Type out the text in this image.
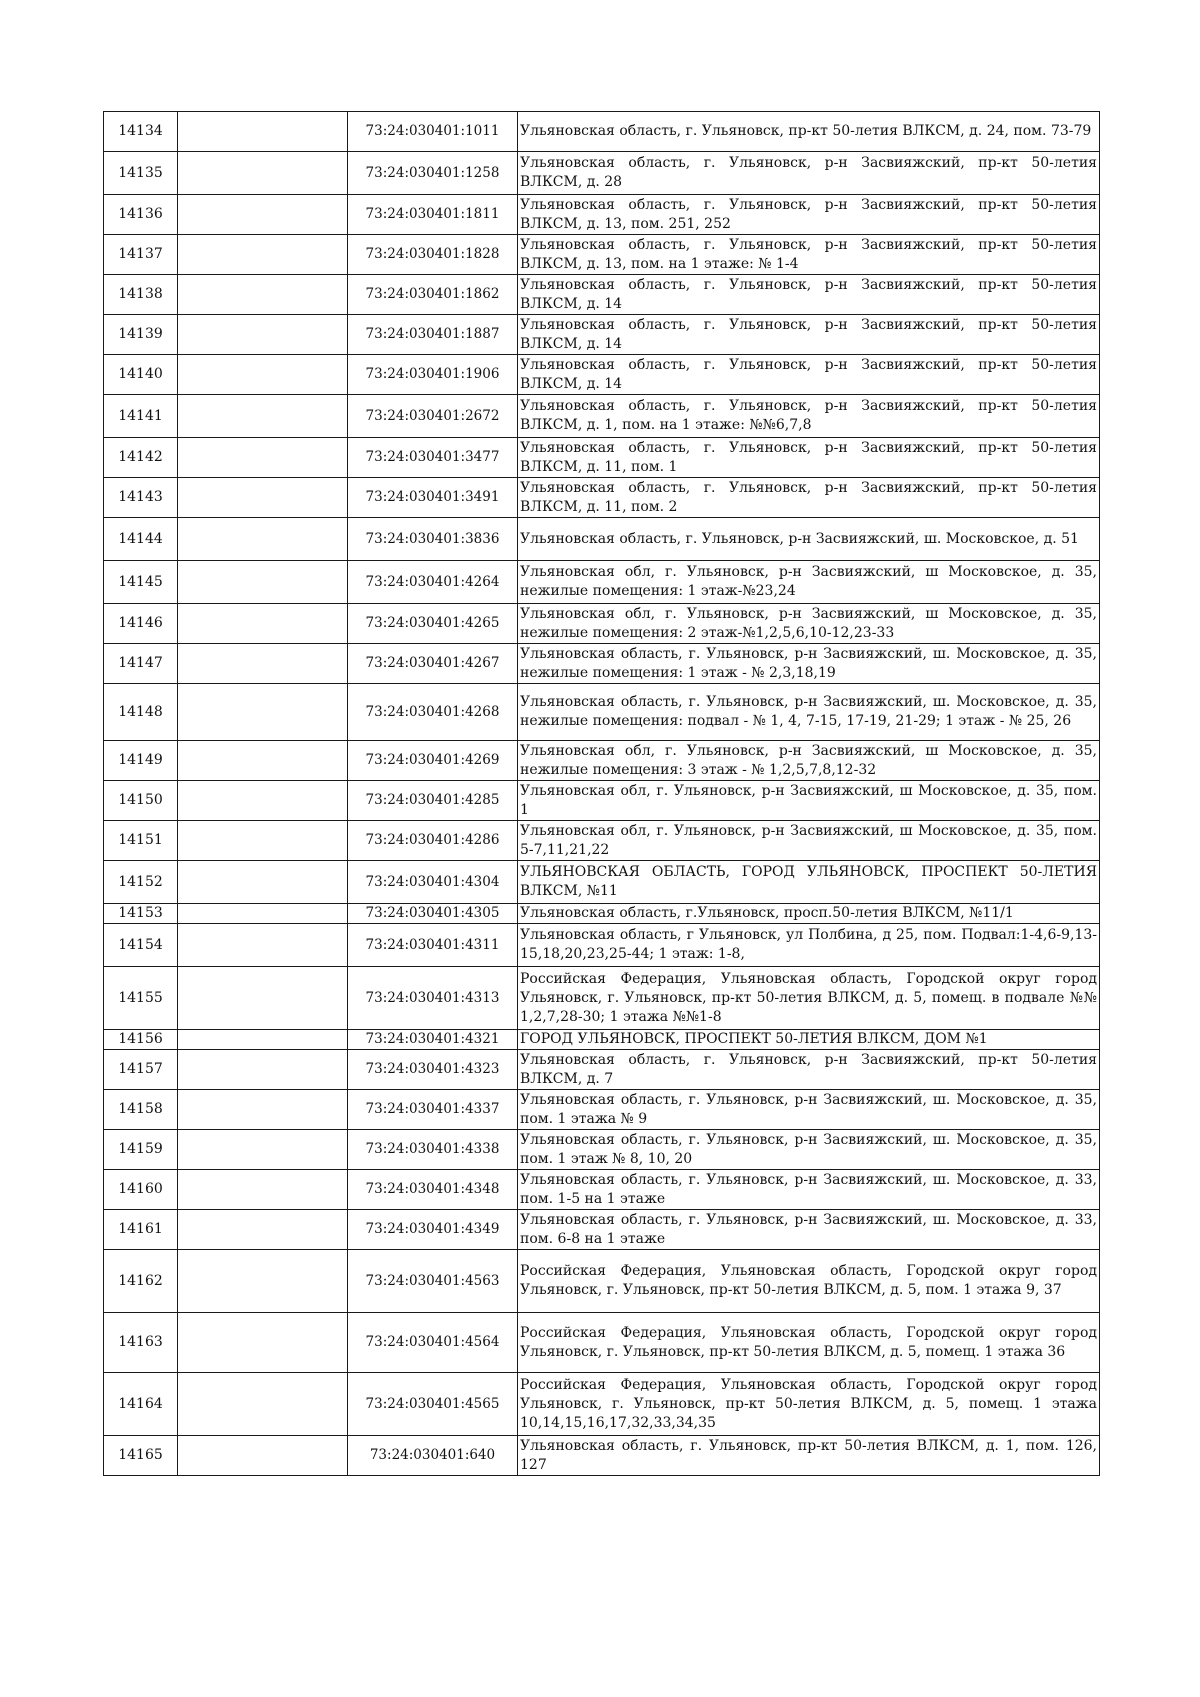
14134		73:24:030401:1011	Ульяновская область, г. Ульяновск, пр-кт 50-летия ВЛКСМ, д. 24, пом. 73-79
14135		73:24:030401:1258	Ульяновская область, г. Ульяновск, р-н Засвияжский, пр-кт 50-летия ВЛКСМ, д. 28
14136		73:24:030401:1811	Ульяновская область, г. Ульяновск, р-н Засвияжский, пр-кт 50-летия ВЛКСМ, д. 13, пом. 251, 252
14137		73:24:030401:1828	Ульяновская область, г. Ульяновск, р-н Засвияжский, пр-кт 50-летия ВЛКСМ, д. 13, пом. на 1 этаже: № 1-4
14138		73:24:030401:1862	Ульяновская область, г. Ульяновск, р-н Засвияжский, пр-кт 50-летия ВЛКСМ, д. 14
14139		73:24:030401:1887	Ульяновская область, г. Ульяновск, р-н Засвияжский, пр-кт 50-летия ВЛКСМ, д. 14
14140		73:24:030401:1906	Ульяновская область, г. Ульяновск, р-н Засвияжский, пр-кт 50-летия ВЛКСМ, д. 14
14141		73:24:030401:2672	Ульяновская область, г. Ульяновск, р-н Засвияжский, пр-кт 50-летия ВЛКСМ, д. 1, пом. на 1 этаже: №№6,7,8
14142		73:24:030401:3477	Ульяновская область, г. Ульяновск, р-н Засвияжский, пр-кт 50-летия ВЛКСМ, д. 11, пом. 1
14143		73:24:030401:3491	Ульяновская область, г. Ульяновск, р-н Засвияжский, пр-кт 50-летия ВЛКСМ, д. 11, пом. 2
14144		73:24:030401:3836	Ульяновская область, г. Ульяновск, р-н Засвияжский, ш. Московское, д. 51
14145		73:24:030401:4264	Ульяновская обл, г. Ульяновск, р-н Засвияжский, ш Московское, д. 35, нежилые помещения: 1 этаж-№23,24
14146		73:24:030401:4265	Ульяновская обл, г. Ульяновск, р-н Засвияжский, ш Московское, д. 35, нежилые помещения: 2 этаж-№1,2,5,6,10-12,23-33
14147		73:24:030401:4267	Ульяновская область, г. Ульяновск, р-н Засвияжский, ш. Московское, д. 35, нежилые помещения: 1 этаж - № 2,3,18,19
14148		73:24:030401:4268	Ульяновская область, г. Ульяновск, р-н Засвияжский, ш. Московское, д. 35, нежилые помещения: подвал - № 1, 4, 7-15, 17-19, 21-29; 1 этаж - № 25, 26
14149		73:24:030401:4269	Ульяновская обл, г. Ульяновск, р-н Засвияжский, ш Московское, д. 35, нежилые помещения: 3 этаж - № 1,2,5,7,8,12-32
14150		73:24:030401:4285	Ульяновская обл, г. Ульяновск, р-н Засвияжский, ш Московское, д. 35, пом. 1
14151		73:24:030401:4286	Ульяновская обл, г. Ульяновск, р-н Засвияжский, ш Московское, д. 35, пом. 5-7,11,21,22
14152		73:24:030401:4304	УЛЬЯНОВСКАЯ ОБЛАСТЬ, ГОРОД УЛЬЯНОВСК, ПРОСПЕКТ 50-ЛЕТИЯ ВЛКСМ, №11
14153		73:24:030401:4305	Ульяновская область, г.Ульяновск, просп.50-летия ВЛКСМ, №11/1
14154		73:24:030401:4311	Ульяновская область, г Ульяновск, ул Полбина, д 25, пом. Подвал:1-4,6-9,13-15,18,20,23,25-44; 1 этаж: 1-8,
14155		73:24:030401:4313	Российская Федерация, Ульяновская область, Городской округ город Ульяновск, г. Ульяновск, пр-кт 50-летия ВЛКСМ, д. 5, помещ. в подвале №№ 1,2,7,28-30; 1 этажа №№1-8
14156		73:24:030401:4321	ГОРОД УЛЬЯНОВСК, ПРОСПЕКТ 50-ЛЕТИЯ ВЛКСМ, ДОМ №1
14157		73:24:030401:4323	Ульяновская область, г. Ульяновск, р-н Засвияжский, пр-кт 50-летия ВЛКСМ, д. 7
14158		73:24:030401:4337	Ульяновская область, г. Ульяновск, р-н Засвияжский, ш. Московское, д. 35, пом. 1 этажа № 9
14159		73:24:030401:4338	Ульяновская область, г. Ульяновск, р-н Засвияжский, ш. Московское, д. 35, пом. 1 этаж № 8, 10, 20
14160		73:24:030401:4348	Ульяновская область, г. Ульяновск, р-н Засвияжский, ш. Московское, д. 33, пом. 1-5 на 1 этаже
14161		73:24:030401:4349	Ульяновская область, г. Ульяновск, р-н Засвияжский, ш. Московское, д. 33, пом. 6-8 на 1 этаже
14162		73:24:030401:4563	Российская Федерация, Ульяновская область, Городской округ город Ульяновск, г. Ульяновск, пр-кт 50-летия ВЛКСМ, д. 5, пом. 1 этажа 9, 37
14163		73:24:030401:4564	Российская Федерация, Ульяновская область, Городской округ город Ульяновск, г. Ульяновск, пр-кт 50-летия ВЛКСМ, д. 5, помещ. 1 этажа 36
14164		73:24:030401:4565	Российская Федерация, Ульяновская область, Городской округ город Ульяновск, г. Ульяновск, пр-кт 50-летия ВЛКСМ, д. 5, помещ. 1 этажа 10,14,15,16,17,32,33,34,35
14165		73:24:030401:640	Ульяновская область, г. Ульяновск, пр-кт 50-летия ВЛКСМ, д. 1, пом. 126, 127
